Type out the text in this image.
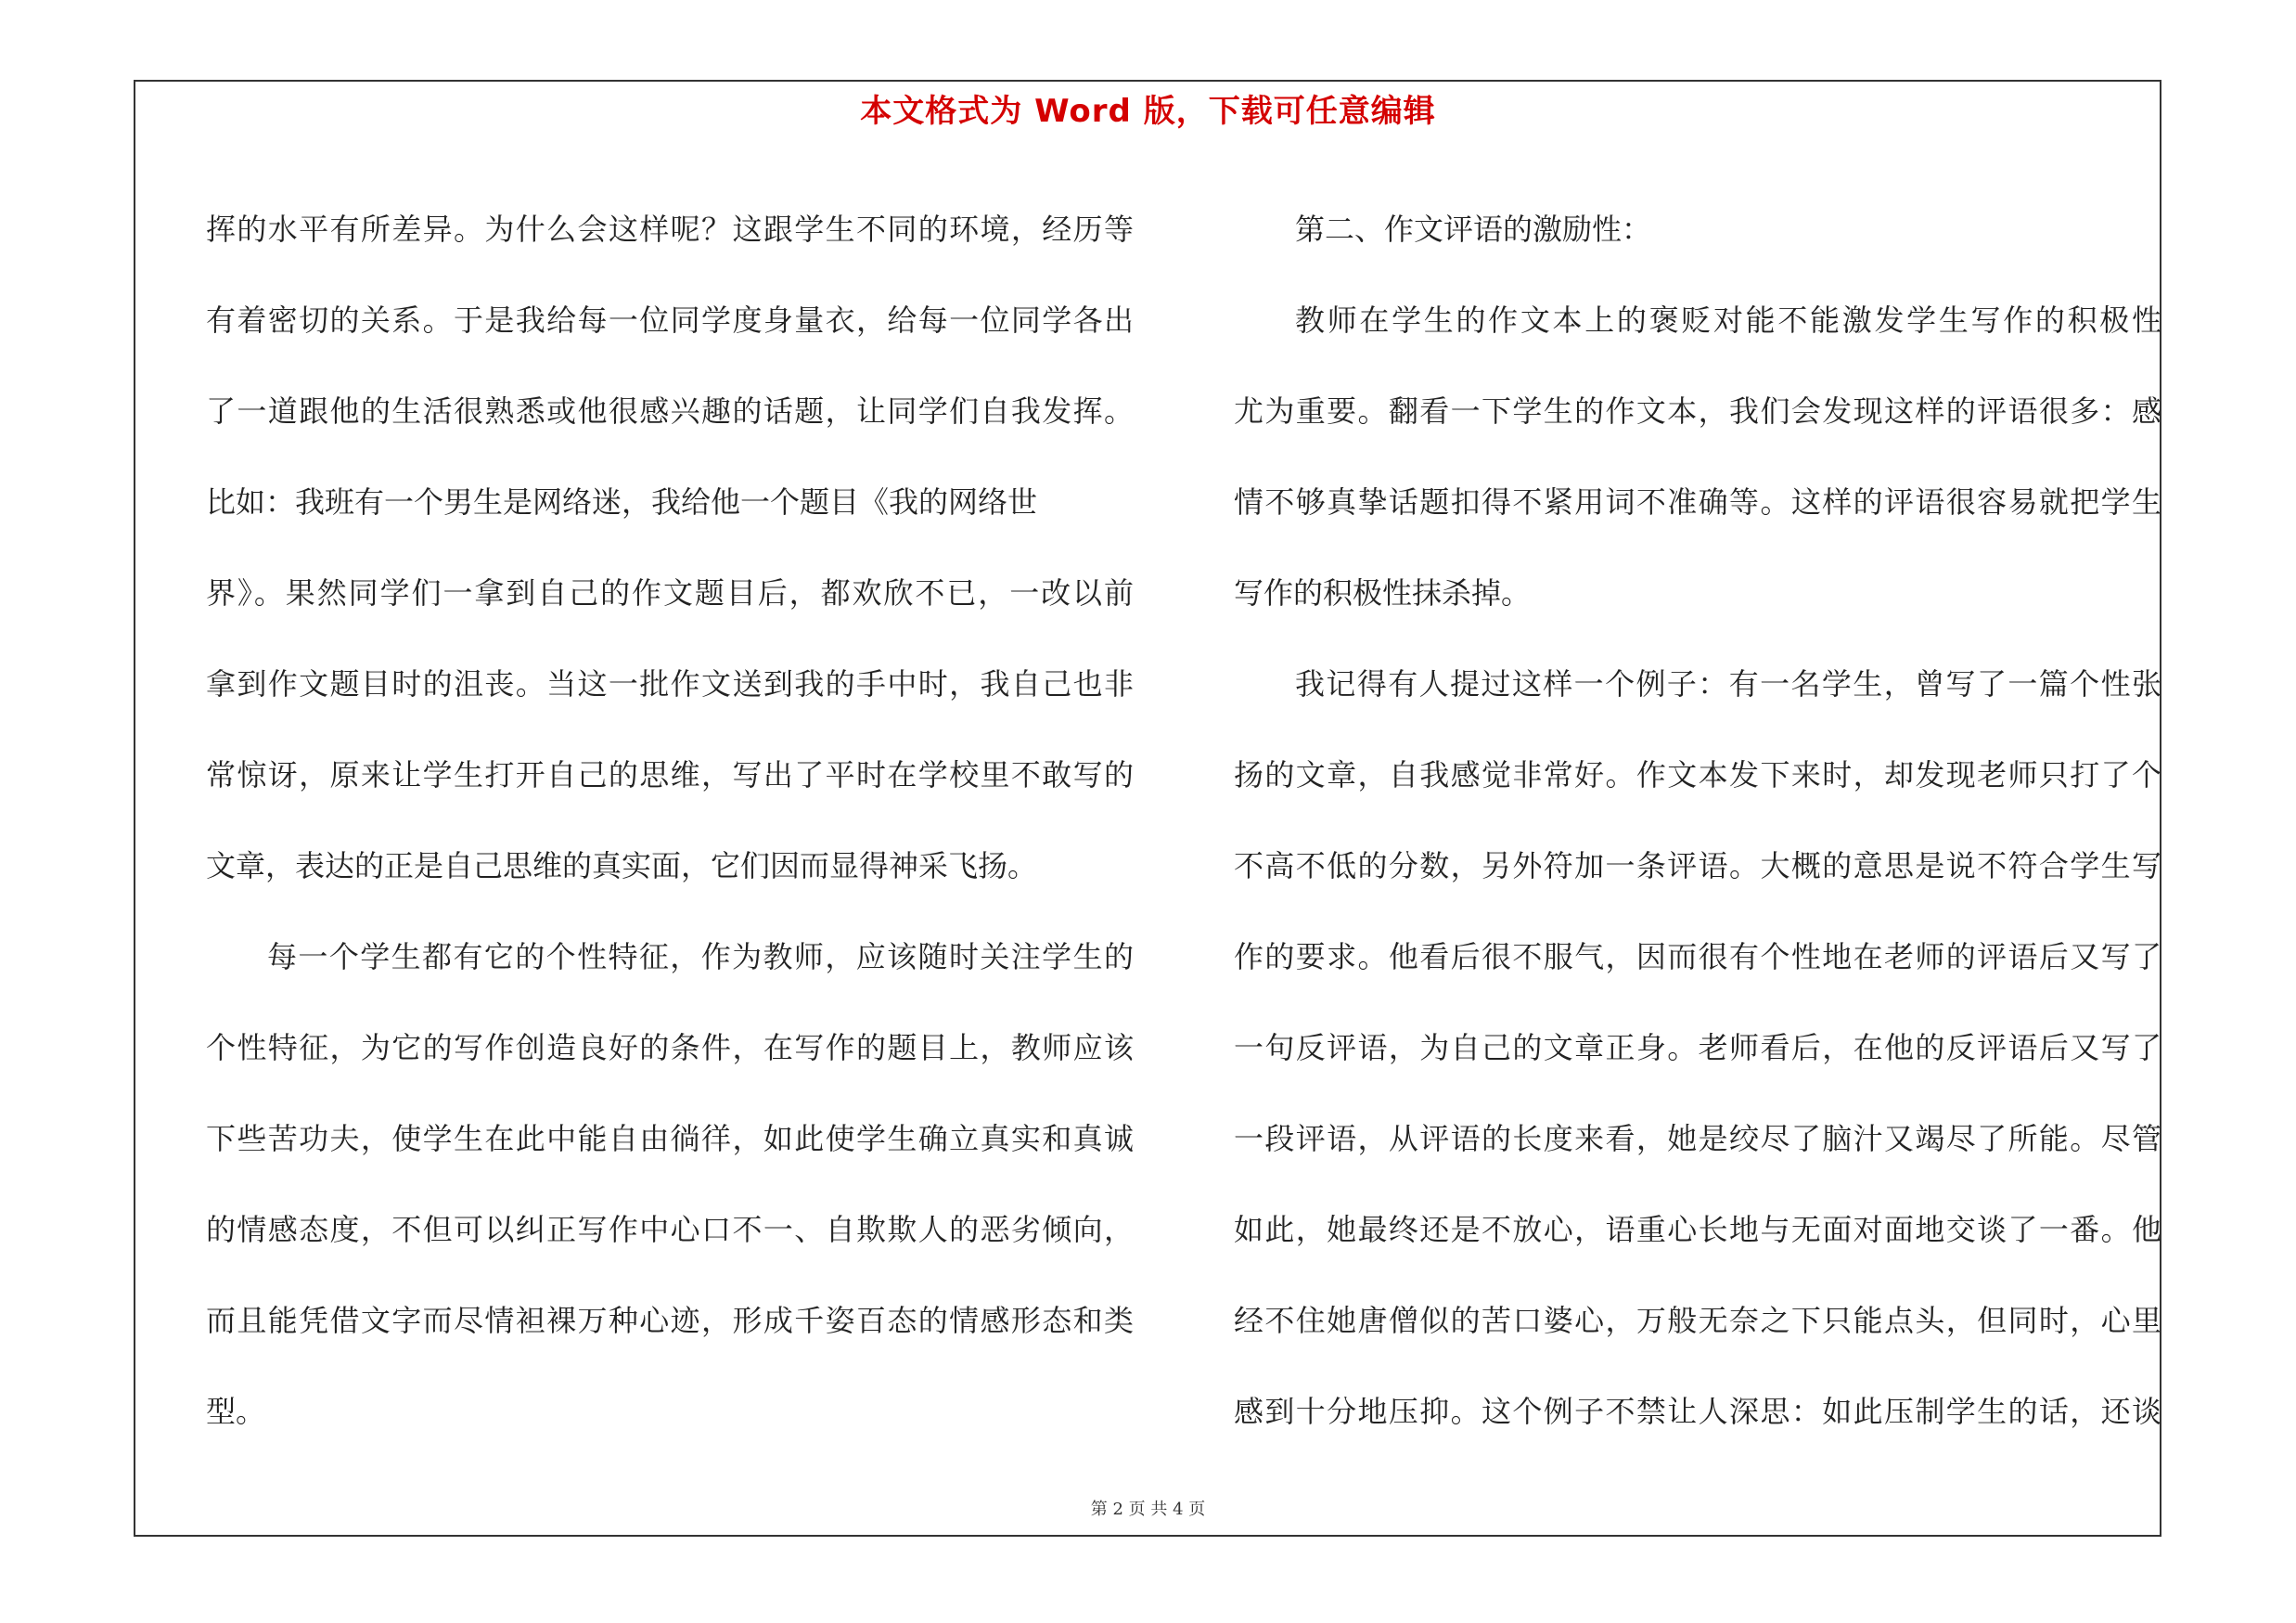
本文格式为 Word 版，下载可任意编辑
挥的水平有所差异。为什么会这样呢？这跟学生不同的环境，经历等
有着密切的关系。于是我给每一位同学度身量衣，给每一位同学各出
了一道跟他的生活很熟悉或他很感兴趣的话题，让同学们自我发挥。
比如：我班有一个男生是网络迷，我给他一个题目《我的网络世
界》。果然同学们一拿到自己的作文题目后，都欢欣不已，一改以前
拿到作文题目时的沮丧。当这一批作文送到我的手中时，我自己也非
常惊讶，原来让学生打开自己的思维，写出了平时在学校里不敢写的
文章，表达的正是自己思维的真实面，它们因而显得神采飞扬。
每一个学生都有它的个性特征，作为教师，应该随时关注学生的
个性特征，为它的写作创造良好的条件，在写作的题目上，教师应该
下些苦功夫，使学生在此中能自由徜徉，如此使学生确立真实和真诚
的情感态度，不但可以纠正写作中心口不一、自欺欺人的恶劣倾向，
而且能凭借文字而尽情袒裸万种心迹，形成千姿百态的情感形态和类
型。
第二、作文评语的激励性：
教师在学生的作文本上的褒贬对能不能激发学生写作的积极性
尤为重要。翻看一下学生的作文本，我们会发现这样的评语很多：感
情不够真挚话题扣得不紧用词不准确等。这样的评语很容易就把学生
写作的积极性抹杀掉。
我记得有人提过这样一个例子：有一名学生，曾写了一篇个性张
扬的文章，自我感觉非常好。作文本发下来时，却发现老师只打了个
不高不低的分数，另外符加一条评语。大概的意思是说不符合学生写
作的要求。他看后很不服气，因而很有个性地在老师的评语后又写了
一句反评语，为自己的文章正身。老师看后，在他的反评语后又写了
一段评语，从评语的长度来看，她是绞尽了脑汁又竭尽了所能。尽管
如此，她最终还是不放心，语重心长地与无面对面地交谈了一番。他
经不住她唐僧似的苦口婆心，万般无奈之下只能点头，但同时，心里
感到十分地压抑。这个例子不禁让人深思：如此压制学生的话，还谈
第 2 页 共 4 页
